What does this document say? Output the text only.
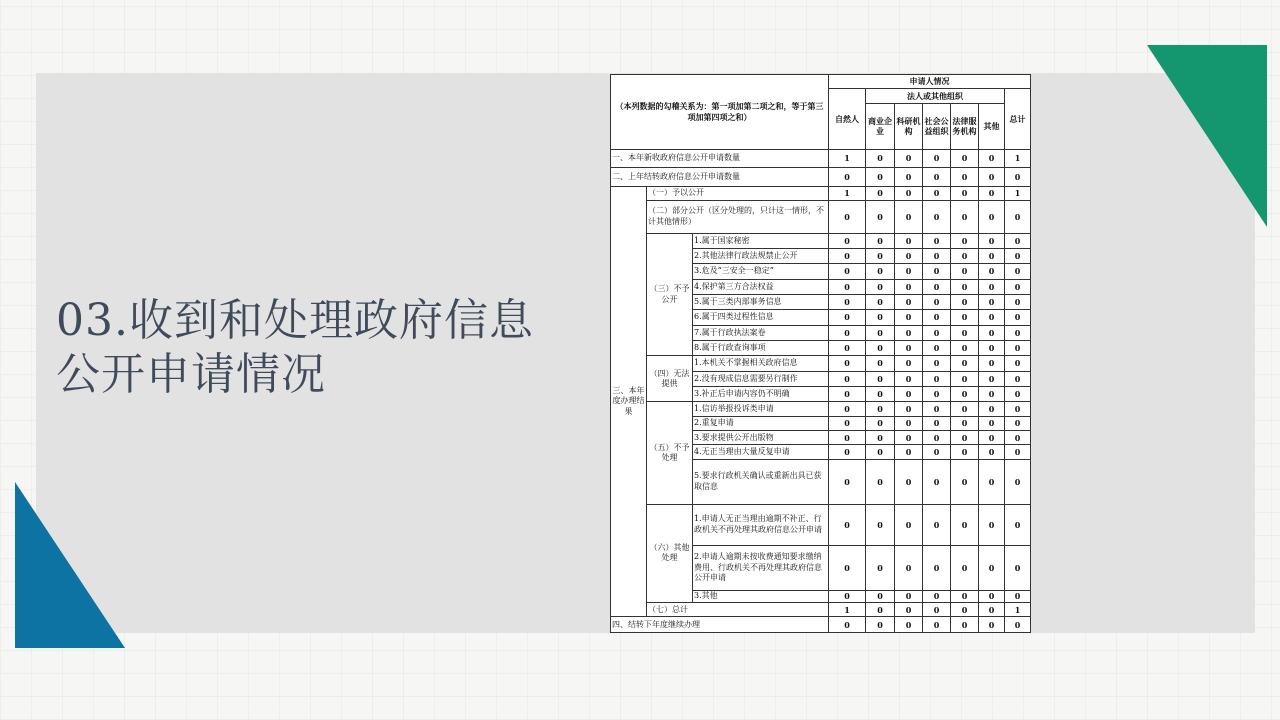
03.收到和处理政府信息
公开申请情况
（本列数据的勾稽关系为：第一项加第二项之和，等于第三项加第四项之和）			申请人情况						
			自然人	法人或其他组织					总计
				商业企业	科研机构	社会公益组织	法律服务机构	其他	

一、本年新收政府信息公开申请数量			1	0	0	0	0	0	1
二、上年结转政府信息公开申请数量			0	0	0	0	0	0	0
三、本年度办理结果	（一）予以公开		1	0	0	0	0	0	1
	（二）部分公开（区分处理的，只计这一情形，不计其他情形）		0	0	0	0	0	0	0
	（三）不予公开	1.属于国家秘密	0	0	0	0	0	0	0
		2.其他法律行政法规禁止公开	0	0	0	0	0	0	0
		3.危及“三安全一稳定”	0	0	0	0	0	0	0
		4.保护第三方合法权益	0	0	0	0	0	0	0
		5.属于三类内部事务信息	0	0	0	0	0	0	0
		6.属于四类过程性信息	0	0	0	0	0	0	0
		7.属于行政执法案卷	0	0	0	0	0	0	0
		8.属于行政查询事项	0	0	0	0	0	0	0
	（四）无法提供	1.本机关不掌握相关政府信息	0	0	0	0	0	0	0
		2.没有现成信息需要另行制作	0	0	0	0	0	0	0
		3.补正后申请内容仍不明确	0	0	0	0	0	0	0
	（五）不予处理	1.信访举报投诉类申请	0	0	0	0	0	0	0
		2.重复申请	0	0	0	0	0	0	0
		3.要求提供公开出版物	0	0	0	0	0	0	0
		4.无正当理由大量反复申请	0	0	0	0	0	0	0
		5.要求行政机关确认或重新出具已获取信息	0	0	0	0	0	0	0
	（六）其他处理	1.申请人无正当理由逾期不补正、行政机关不再处理其政府信息公开申请	0	0	0	0	0	0	0
		2.申请人逾期未按收费通知要求缴纳费用、行政机关不再处理其政府信息公开申请	0	0	0	0	0	0	0
		3.其他	0	0	0	0	0	0	0
	（七）总计		1	0	0	0	0	0	1
四、结转下年度继续办理			0	0	0	0	0	0	0
